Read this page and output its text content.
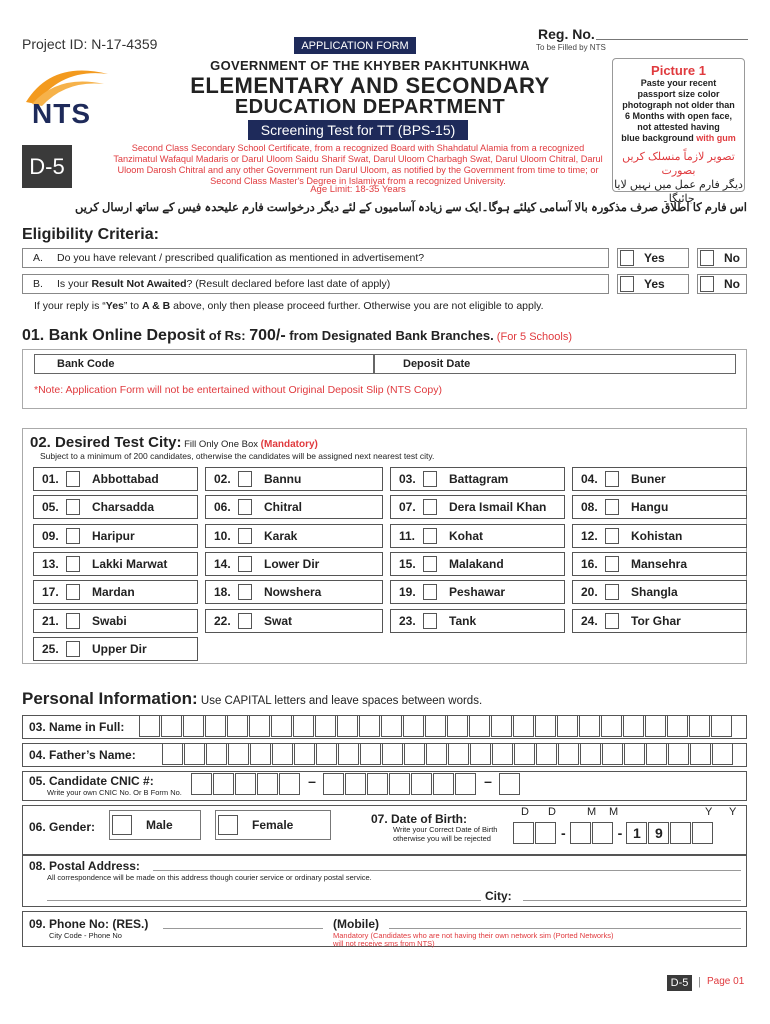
Project ID: N-17-4359	APPLICATION FORM
Reg. No.
To be Filled by NTS
NTS
GOVERNMENT OF THE KHYBER PAKHTUNKHWA
ELEMENTARY AND SECONDARY
EDUCATION DEPARTMENT
Screening Test for TT (BPS-15)
D-5
Second Class Secondary School Certificate, from a recognized Board with Shahdatul Alamia from a recognized Tanzimatul Wafaqul Madaris or Darul Uloom Saidu Sharif Swat, Darul Uloom Charbagh Swat, Darul Uloom Chitral, Darul Uloom Darosh Chitral and any other Government run Darul Uloom, as notified by the Government from time to time; or Second Class Master's Degree in Islamiyat from a recognized University.
Age Limit: 18-35 Years
Picture 1
Paste your recent
passport size color
photograph not older than
6 Months with open face,
not attested having
blue background with gum
تصویر لازماً منسلک کریں بصورت
دیگر فارم عمل میں نہیں لایا جائیگا۔
اس فارم کا اطلاق صرف مذکورہ بالا آسامی کیلئے ہوگا۔ایک سے زیادہ آسامیوں کے لئے دیگر درخواست فارم علیحدہ فیس کے ساتھ ارسال کریں
Eligibility Criteria:
A.	Do you have relevant / prescribed qualification as mentioned in advertisement?	Yes	No
B.	Is your Result Not Awaited? (Result declared before last date of apply)	Yes	No
If your reply is “Yes” to A & B above, only then please proceed further. Otherwise you are not eligible to apply.
01. Bank Online Deposit of Rs: 700/- from Designated Bank Branches. (For 5 Schools)
Bank Code	Deposit Date
*Note: Application Form will not be entertained without Original Deposit Slip (NTS Copy)
02. Desired Test City: Fill Only One Box (Mandatory)
Subject to a minimum of 200 candidates, otherwise the candidates will be assigned next nearest test city.
01.	Abbottabad	02.	Bannu	03.	Battagram	04.	Buner
05.	Charsadda	06.	Chitral	07.	Dera Ismail Khan	08.	Hangu
09.	Haripur	10.	Karak	11.	Kohat	12.	Kohistan
13.	Lakki Marwat	14.	Lower Dir	15.	Malakand	16.	Mansehra
17.	Mardan	18.	Nowshera	19.	Peshawar	20.	Shangla
21.	Swabi	22.	Swat	23.	Tank	24.	Tor Ghar
25.	Upper Dir
Personal Information: Use CAPITAL letters and leave spaces between words.
03. Name in Full:
04. Father’s Name:
05. Candidate CNIC #:	–	–
Write your own CNIC No. Or B Form No.
06. Gender:	Male	Female	07. Date of Birth:
Write your Correct Date of Birth
otherwise you will be rejected
D D	M M	Y Y
-	- 1	9
08. Postal Address:
All correspondence will be made on this address though courier service or ordinary postal service.
City:
09. Phone No: (RES.)
City Code - Phone No
(Mobile)
Mandatory (Candidates who are not having their own network sim (Ported Networks)
will not receive sms from NTS)
D-5 | Page 01
